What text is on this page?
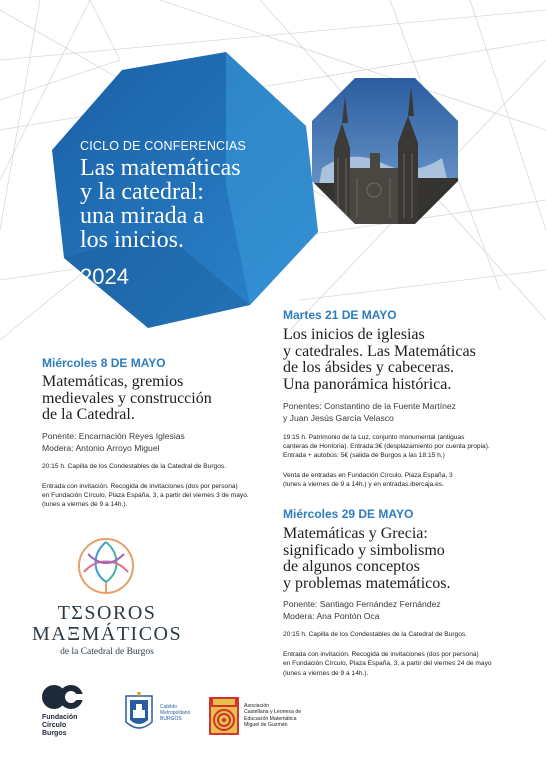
CICLO DE CONFERENCIAS
Las matemáticas
y la catedral:
una mirada a
los inicios.
2024
Miércoles 8 DE MAYO
Matemáticas, gremios
medievales y construcción
de la Catedral.
Ponente: Encarnación Reyes Iglesias
Modera: Antonio Arroyo Miguel
20:15 h. Capilla de los Condestables de la Catedral de Burgos.
Entrada con invitación. Recogida de invitaciones (dos por persona)
en Fundación Círculo, Plaza España, 3, a partir del viernes 3 de mayo.
(lunes a viernes de 9 a 14h.).
Martes 21 DE MAYO
Los inicios de iglesias
y catedrales. Las Matemáticas
de los ábsides y cabeceras.
Una panorámica histórica.
Ponentes: Constantino de la Fuente Martínez
y Juan Jesús García Velasco
19:15 h. Patrimonio de la Luz, conjunto monumental (antiguas
canteras de Hontoria). Entrada:3€ (desplazamiento por cuenta propia).
Entrada + autobús: 5€ (salida de Burgos a las 18:15 h.)
Venta de entradas en Fundación Círculo, Plaza España, 3
(lunes a viernes de 9 a 14h.) y en entradas.ibercaja.es.
Miércoles 29 DE MAYO
Matemáticas y Grecia:
significado y simbolismo
de algunos conceptos
y problemas matemáticos.
Ponente: Santiago Fernández Fernández
Modera: Ana Pontón Oca
20:15 h. Capilla de los Condestables de la Catedral de Burgos.
Entrada con invitación. Recogida de invitaciones (dos por persona)
en Fundación Círculo, Plaza España, 3, a partir del viernes 24 de mayo
(lunes a viernes de 9 a 14h.).
TΣSOROS
MAΞMÁTICOS
de la Catedral de Burgos
Fundación
Círculo
Burgos
Cabildo
Metropolitano
BURGOS
Asociación
Castellana y Leonesa de
Educación Matemática
Miguel de Guzmán
